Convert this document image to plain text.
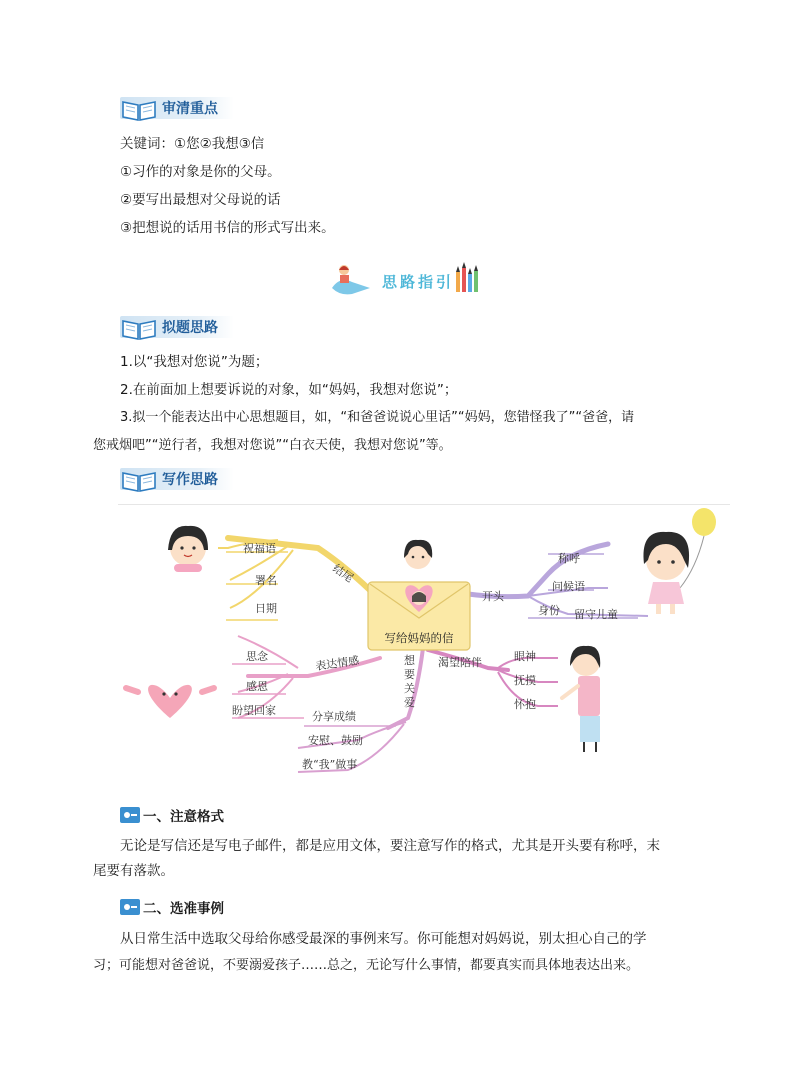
审清重点
关键词：①您②我想③信
①习作的对象是你的父母。
②要写出最想对父母说的话
③把想说的话用书信的形式写出来。
思路指引
拟题思路
1.以“我想对您说”为题；
2.在前面加上想要诉说的对象，如“妈妈，我想对您说”；
3.拟一个能表达出中心思想题目，如，“和爸爸说说心里话”“妈妈，您错怪我了”“爸爸，请
您戒烟吧”“逆行者，我想对您说”“白衣天使，我想对您说”等。
写作思路
写给妈妈的信
结尾
祝福语
署名
日期
开头
称呼
问候语
身份 留守儿童
表达情感
思念
感恩
盼望回家
想
要
关
爱
分享成绩
安慰、鼓励
教“我”做事
渴望陪伴	眼神
抚摸
怀抱
一、注意格式
无论是写信还是写电子邮件，都是应用文体，要注意写作的格式，尤其是开头要有称呼，末
尾要有落款。
二、选准事例
从日常生活中选取父母给你感受最深的事例来写。你可能想对妈妈说，别太担心自己的学
习；可能想对爸爸说，不要溺爱孩子……总之，无论写什么事情，都要真实而具体地表达出来。
